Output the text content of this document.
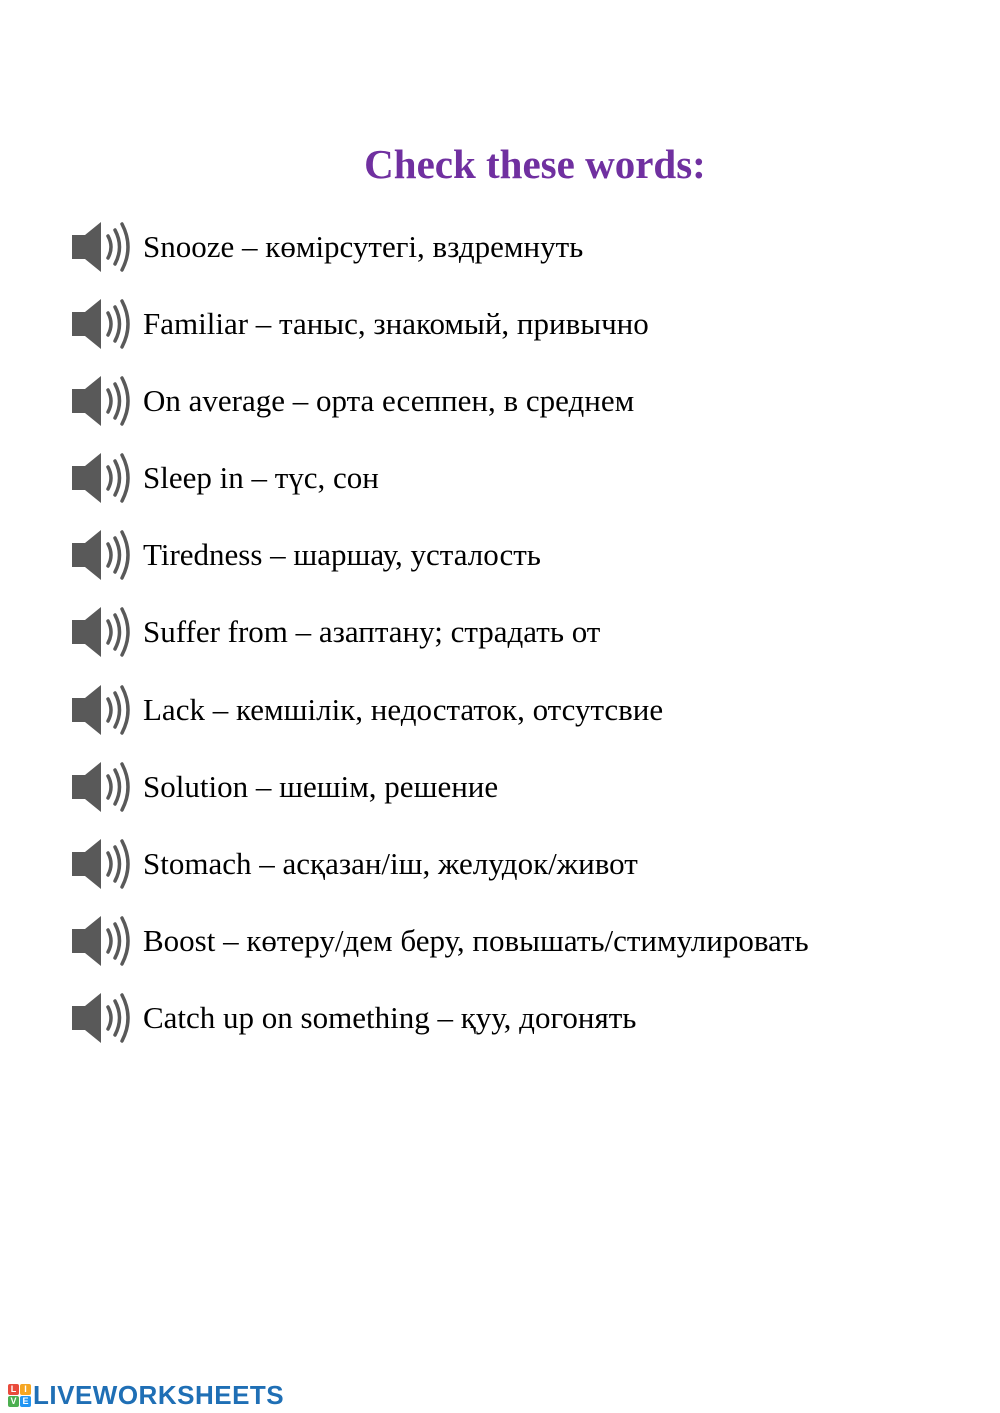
Check these words:
Snooze – көмірсутегі, вздремнуть
Familiar – таныс, знакомый, привычно
On average – орта есеппен, в среднем
Sleep in – түс, сон
Tiredness – шаршау, усталость
Suffer from – азаптану; страдать от
Lack – кемшілік, недостаток, отсутсвие
Solution – шешім, решение
Stomach – асқазан/іш, желудок/живот
Boost – көтеру/дем беру, повышать/стимулировать
Catch up on something – қуу, догонять
L I
V E LIVEWORKSHEETS
